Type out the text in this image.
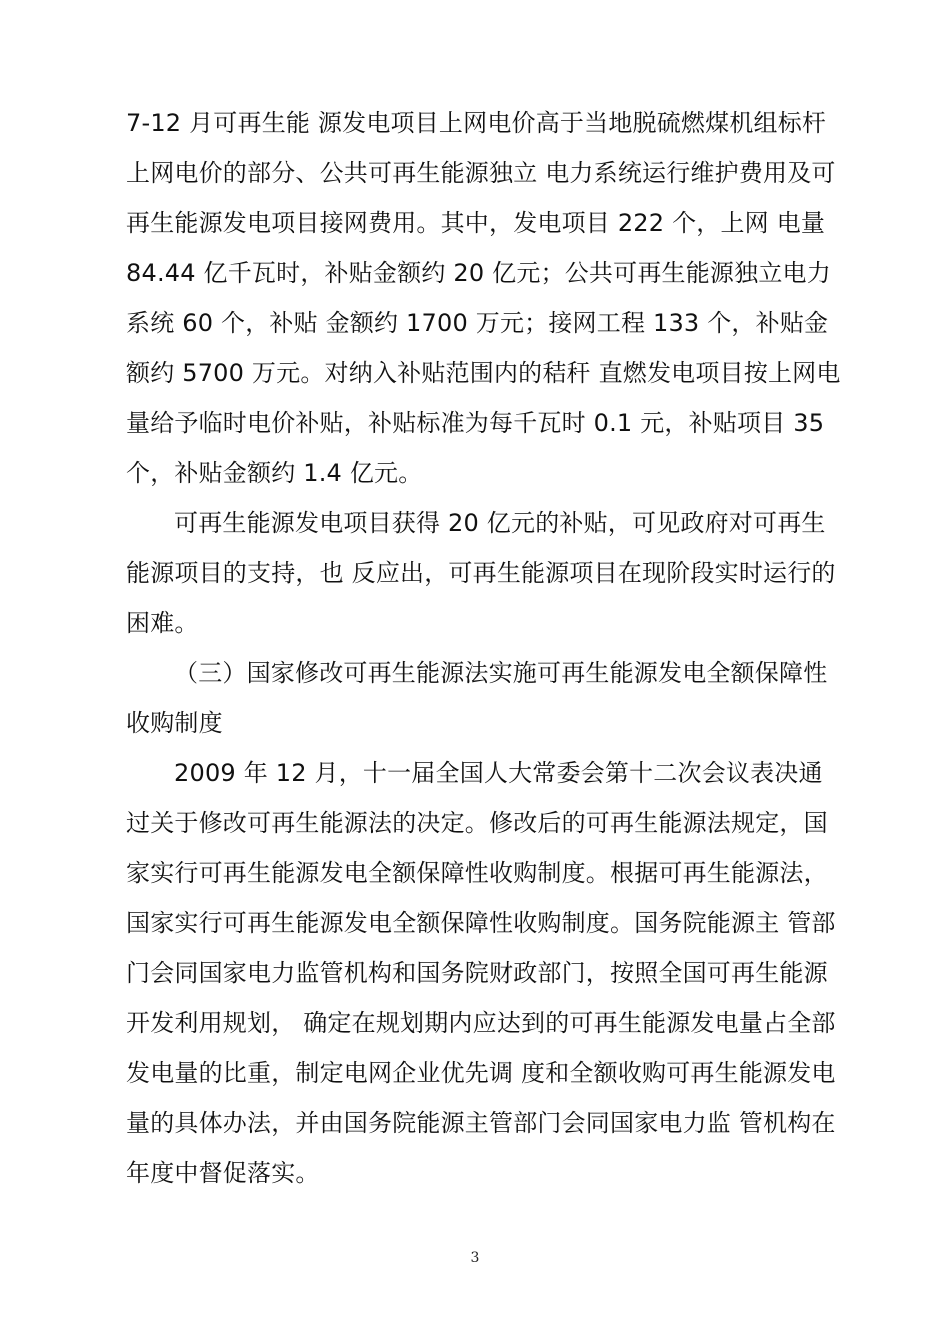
7-12 月可再生能 源发电项目上网电价高于当地脱硫燃煤机组标杆
上网电价的部分、公共可再生能源独立 电力系统运行维护费用及可
再生能源发电项目接网费用。其中，发电项目 222 个，上网 电量
84.44 亿千瓦时，补贴金额约 20 亿元；公共可再生能源独立电力
系统 60 个，补贴 金额约 1700 万元；接网工程 133 个，补贴金
额约 5700 万元。对纳入补贴范围内的秸秆 直燃发电项目按上网电
量给予临时电价补贴，补贴标准为每千瓦时 0.1 元，补贴项目 35
个，补贴金额约 1.4 亿元。
可再生能源发电项目获得 20 亿元的补贴，可见政府对可再生
能源项目的支持，也 反应出，可再生能源项目在现阶段实时运行的
困难。
（三）国家修改可再生能源法实施可再生能源发电全额保障性
收购制度
2009 年 12 月，十一届全国人大常委会第十二次会议表决通
过关于修改可再生能源法的决定。修改后的可再生能源法规定，国
家实行可再生能源发电全额保障性收购制度。根据可再生能源法，
国家实行可再生能源发电全额保障性收购制度。国务院能源主 管部
门会同国家电力监管机构和国务院财政部门，按照全国可再生能源
开发利用规划， 确定在规划期内应达到的可再生能源发电量占全部
发电量的比重，制定电网企业优先调 度和全额收购可再生能源发电
量的具体办法，并由国务院能源主管部门会同国家电力监 管机构在
年度中督促落实。
3
